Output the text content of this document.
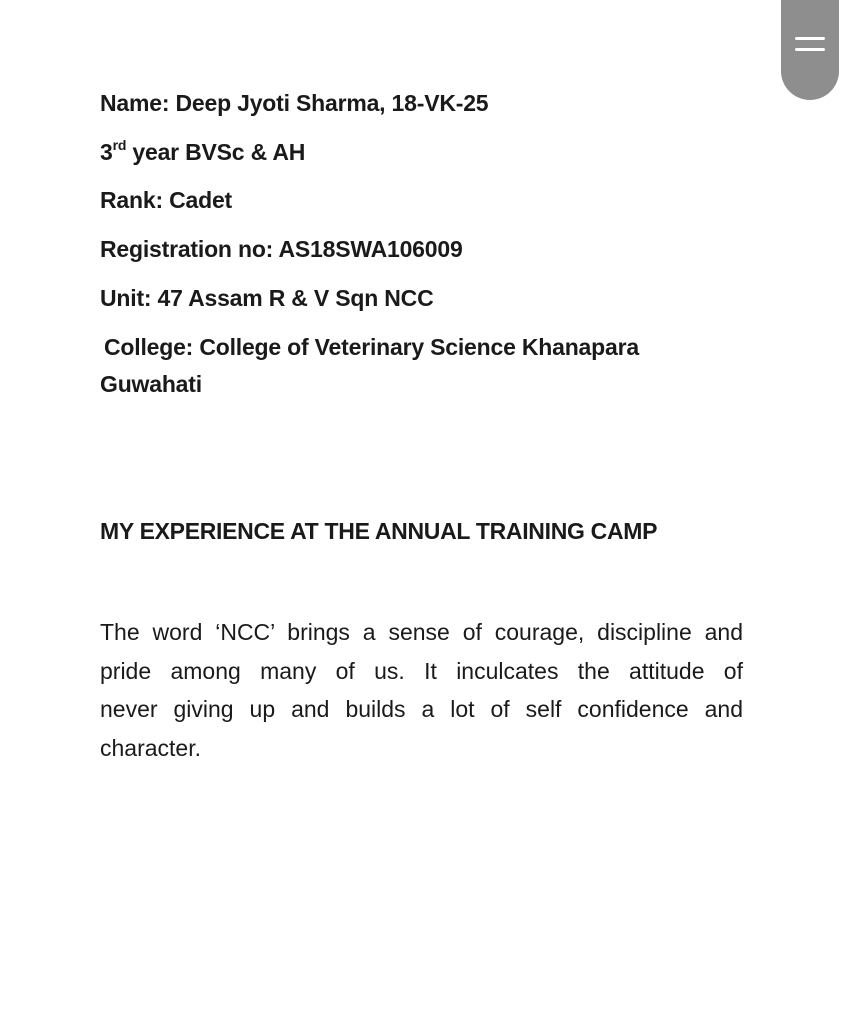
Name: Deep Jyoti Sharma, 18-VK-25
3rd year BVSc & AH
Rank: Cadet
Registration no: AS18SWA106009
Unit: 47 Assam R & V Sqn NCC
College: College of Veterinary Science Khanapara
Guwahati
MY EXPERIENCE AT THE ANNUAL TRAINING CAMP
The word ‘NCC’ brings a sense of courage, discipline and
pride among many of us. It inculcates the attitude of
never giving up and builds a lot of self confidence and
character.
